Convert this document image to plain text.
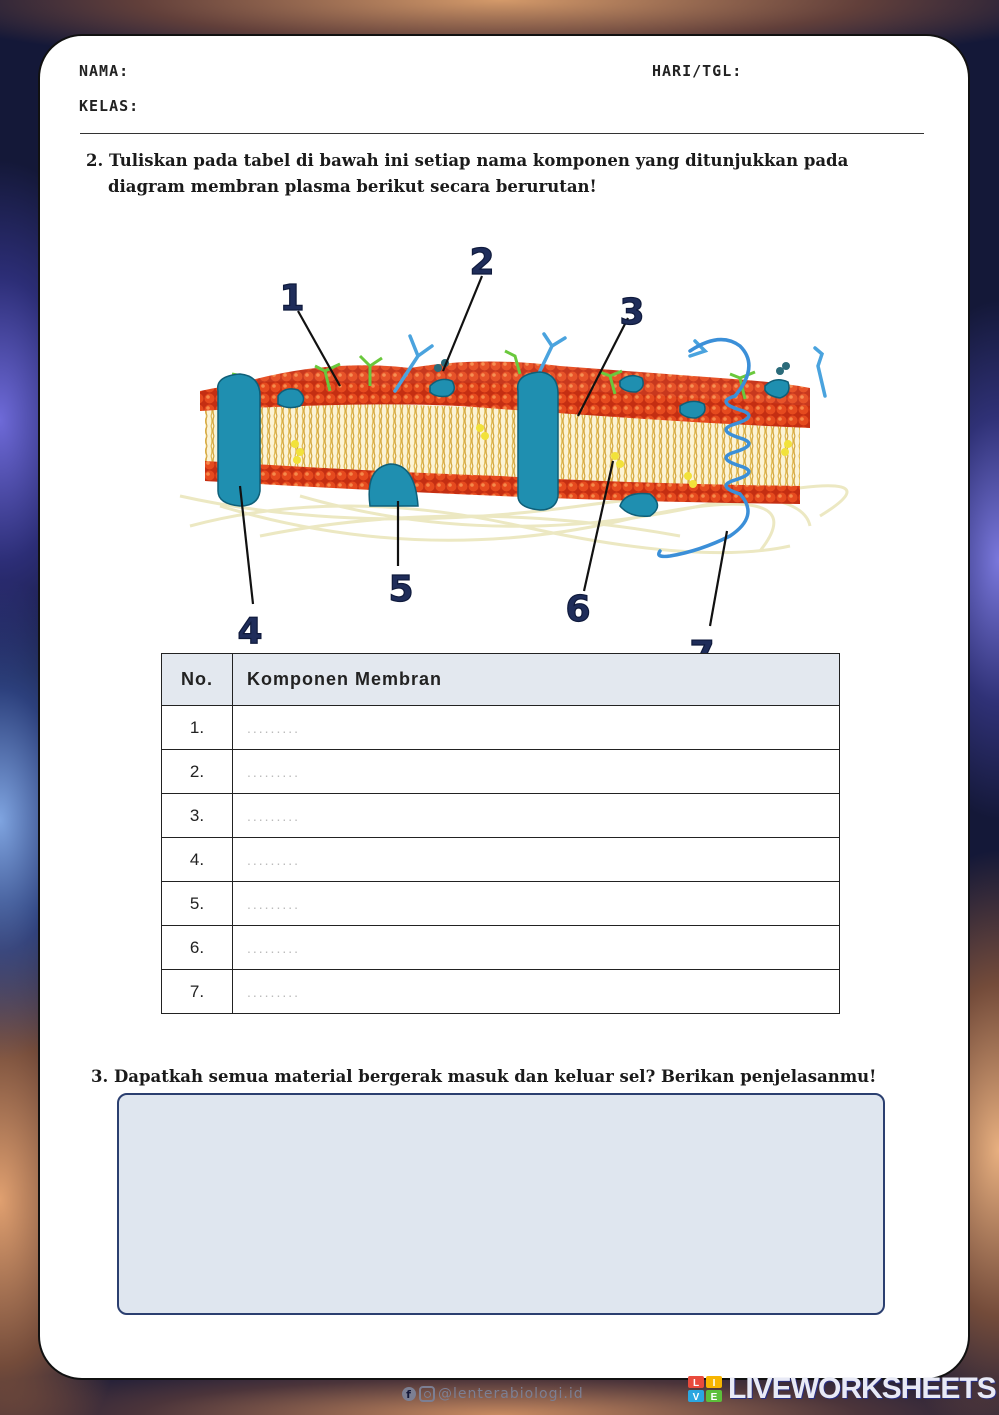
NAMA:	HARI/TGL:
KELAS:
2. Tuliskan pada tabel di bawah ini setiap nama komponen yang ditunjukkan pada
diagram membran plasma berikut secara berurutan!
1
2
3
4
5	6
No.	Komponen Membran
1.	.........
2.	.........
3.	.........
4.	.........
5.	.........
6.	.........
7.	.........
3. Dapatkah semua material bergerak masuk dan keluar sel? Berikan penjelasanmu!
f @lenterabiologi.id
L I
V E LIVEWORKSHEETS
